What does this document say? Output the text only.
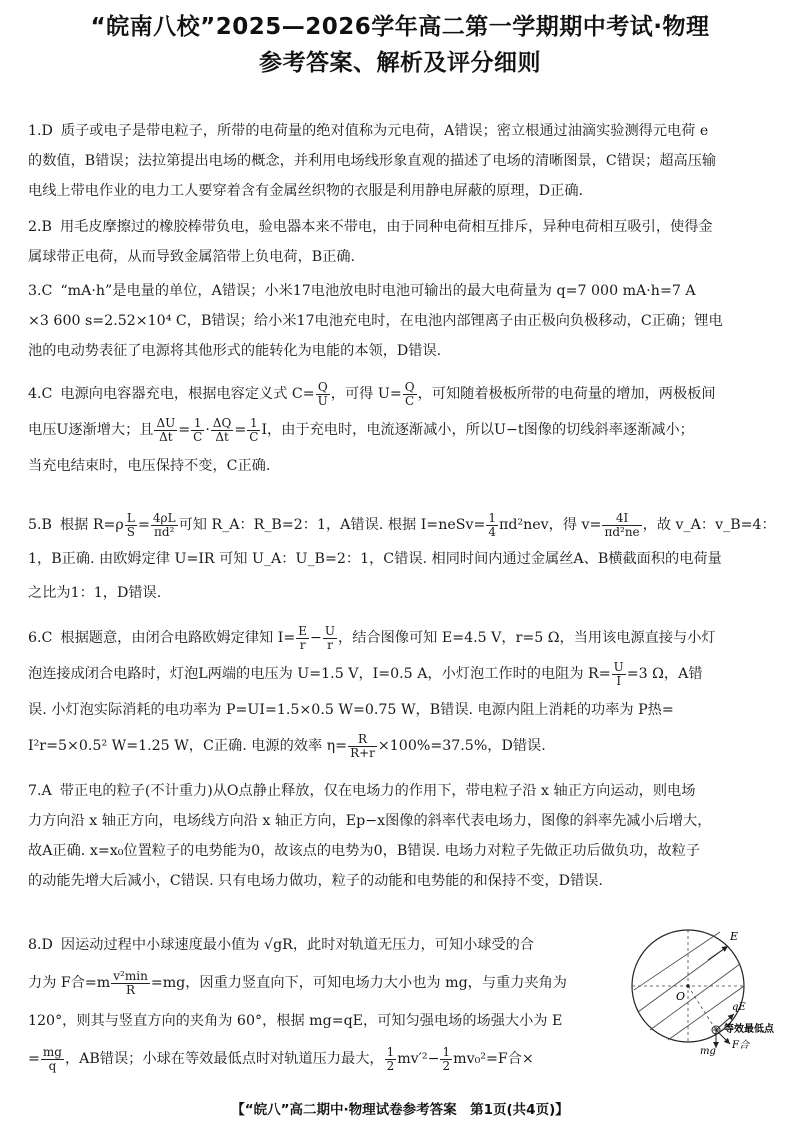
“皖南八校”2025—2026学年高二第一学期期中考试·物理
参考答案、解析及评分细则
1.D 质子或电子是带电粒子，所带的电荷量的绝对值称为元电荷，A错误；密立根通过油滴实验测得元电荷 e
的数值，B错误；法拉第提出电场的概念，并利用电场线形象直观的描述了电场的清晰图景，C错误；超高压输
电线上带电作业的电力工人要穿着含有金属丝织物的衣服是利用静电屏蔽的原理，D正确.
2.B 用毛皮摩擦过的橡胶棒带负电，验电器本来不带电，由于同种电荷相互排斥，异种电荷相互吸引，使得金
属球带正电荷，从而导致金属箔带上负电荷，B正确.
3.C “mA·h”是电量的单位，A错误；小米17电池放电时电池可输出的最大电荷量为 q=7 000 mA·h=7 A
×3 600 s=2.52×10⁴ C，B错误；给小米17电池充电时，在电池内部锂离子由正极向负极移动，C正确；锂电
池的电动势表征了电源将其他形式的能转化为电能的本领，D错误.
4.C 电源向电容器充电，根据电容定义式 $C= \frac{Q}{U}$ ，可得 $U= \frac{Q}{C}$ ，可知随着极板所带的电荷量的增加，两极板间
电压U逐渐增大；且 $\frac{\Delta U}{\Delta t} = \frac{1}{C} \cdot \frac{\Delta Q}{\Delta t} = \frac{1}{C}$ I，由于充电时，电流逐渐减小，所以U−t图像的切线斜率逐渐减小；
当充电结束时，电压保持不变，C正确.
5.B 根据 $R=\rho \frac{L}{S} = \frac{4\rho L}{\text{πd²}}$ 可知 R_A：R_B=2：1，A错误. 根据 I=neSv= $\frac{1}{4} \pi d^2nev$，得 $v= \frac{4I}{\text{πd²ne}}$ ，故 v_A：v_B=4：
1，B正确. 由欧姆定律 U=IR 可知 U_A：U_B=2：1，C错误. 相同时间内通过金属丝A、B横截面积的电荷量
之比为1：1，D错误.
6.C 根据题意，由闭合电路欧姆定律知 $I= \frac{E}{r} - \frac{U}{r}$ ，结合图像可知 E=4.5 V，r=5 Ω，当用该电源直接与小灯
泡连接成闭合电路时，灯泡L两端的电压为 U=1.5 V，I=0.5 A，小灯泡工作时的电阻为 $R= \frac{U}{I} =3$ Ω，A错
误. 小灯泡实际消耗的电功率为 P=UI=1.5×0.5 W=0.75 W，B错误. 电源内阻上消耗的功率为 P热=
I²r=5×0.5² W=1.25 W，C正确. 电源的效率 $\eta= \frac{R}{R+r} \times 100\%=37.5\%$，D错误.
7.A 带正电的粒子(不计重力)从O点静止释放，仅在电场力的作用下，带电粒子沿 x 轴正方向运动，则电场
力方向沿 x 轴正方向，电场线方向沿 x 轴正方向，Ep−x图像的斜率代表电场力，图像的斜率先减小后增大，
故A正确. x=x₀位置粒子的电势能为0，故该点的电势为0，B错误. 电场力对粒子先做正功后做负功，故粒子
的动能先增大后减小，C错误. 只有电场力做功，粒子的动能和电势能的和保持不变，D错误.
8.D 因运动过程中小球速度最小值为 √gR，此时对轨道无压力，可知小球受的合
力为 F合$=m \frac{\text{v²min}}{R} =mg$，因重力竖直向下，可知电场力大小也为 mg，与重力夹角为
120°，则其与竖直方向的夹角为 60°，根据 mg=qE，可知匀强电场的场强大小为 E
= $\frac{mg}{q}$ ，AB错误；小球在等效最低点时对轨道压力最大， $\frac{1}{2} mv'^2- \frac{1}{2} mv_0^2=F$合×
E
O
qE
等效最低点
F合
mg
【“皖八”高二期中·物理试卷参考答案　第1页(共4页)】
